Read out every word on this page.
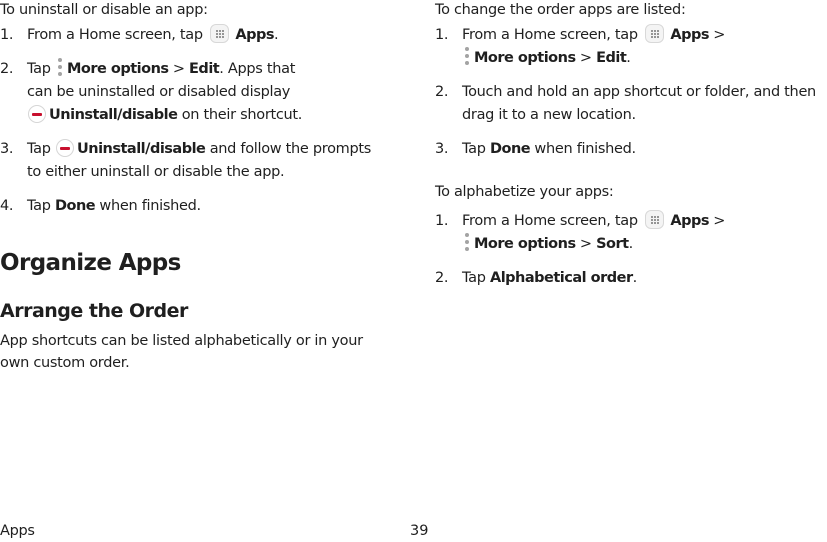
To uninstall or disable an app:
1. From a Home screen, tap
Apps.
2. Tap
More options > Edit. Apps that
can be uninstalled or disabled display

Uninstall/disable on their shortcut.
3. Tap
Uninstall/disable and follow the prompts
to either uninstall or disable the app.
4. Tap Done when finished.
Organize Apps
Arrange the Order
App shortcuts can be listed alphabetically or in your own custom order.
To change the order apps are listed:
1. From a Home screen, tap
Apps >

More options > Edit.
2. Touch and hold an app shortcut or folder, and then
drag it to a new location.
3. Tap Done when finished.
To alphabetize your apps:
1. From a Home screen, tap
Apps >

More options > Sort.
2. Tap Alphabetical order.
Apps	39
